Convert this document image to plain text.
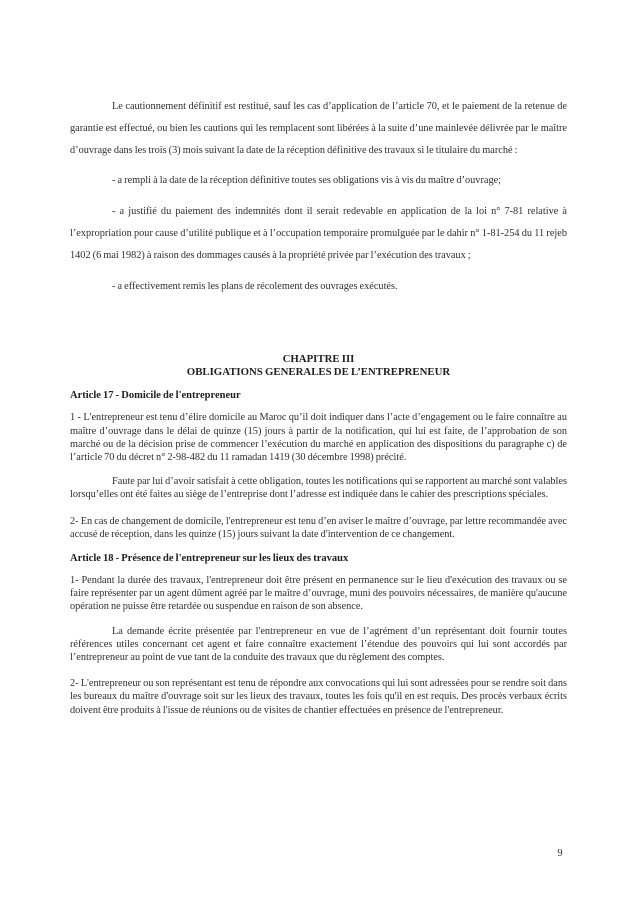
Le cautionnement définitif est restitué, sauf les cas d’application de l’article 70, et le paiement de la retenue de garantie est effectué, ou bien les cautions qui les remplacent sont libérées à la suite d’une mainlevée délivrée par le maître d’ouvrage dans les trois (3) mois suivant la date de la réception définitive des travaux si le titulaire du marché :

- a rempli à la date de la réception définitive toutes ses obligations vis à vis du maître d’ouvrage;

- a justifié du paiement des indemnités dont il serait redevable en application de la loi n° 7-81 relative à l’expropriation pour cause d’utilité publique et à l’occupation temporaire promulguée par le dahir n° 1-81-254 du 11 rejeb 1402 (6 mai 1982) à raison des dommages causés à la propriété privée par l’exécution des travaux ;

- a effectivement remis les plans de récolement des ouvrages exécutés.

CHAPITRE III

OBLIGATIONS GENERALES DE L’ENTREPRENEUR

Article 17 - Domicile de l'entrepreneur

1 - L'entrepreneur est tenu d’élire domicile au Maroc qu’il doit indiquer dans l’acte d’engagement ou le faire connaître au maître d’ouvrage dans le délai de quinze (15) jours à partir de la notification, qui lui est faite, de l’approbation de son marché ou de la décision prise de commencer l’exécution du marché en application des dispositions du paragraphe c) de l’article 70 du décret n° 2-98-482 du 11 ramadan 1419 (30 décembre 1998) précité.

Faute par lui d’avoir satisfait à cette obligation, toutes les notifications qui se rapportent au marché sont valables lorsqu’elles ont été faites au siège de l’entreprise dont l’adresse est indiquée dans le cahier des prescriptions spéciales.

2- En cas de changement de domicile, l'entrepreneur est tenu d’en aviser le maître d’ouvrage, par lettre recommandée avec accusé de réception, dans les quinze (15) jours suivant la date d'intervention de ce changement.

Article 18 - Présence de l'entrepreneur sur les lieux des travaux

1- Pendant la durée des travaux, l'entrepreneur doit être présent en permanence sur le lieu d'exécution des travaux ou se faire représenter par un agent dûment agréé par le maître d’ouvrage, muni des pouvoirs nécessaires, de manière qu'aucune opération ne puisse être retardée ou suspendue en raison de son absence.

La demande écrite présentée par l'entrepreneur en vue de l’agrément d’un représentant doit fournir toutes références utiles concernant cet agent et faire connaître exactement l’étendue des pouvoirs qui lui sont accordés par l’entrepreneur au point de vue tant de la conduite des travaux que du règlement des comptes.

2- L'entrepreneur ou son représentant est tenu de répondre aux convocations qui lui sont adressées pour se rendre soit dans les bureaux du maître d'ouvrage soit sur les lieux des travaux, toutes les fois qu'il en est requis. Des procès verbaux écrits doivent être produits à l'issue de réunions ou de visites de chantier effectuées en présence de l'entrepreneur.

9
